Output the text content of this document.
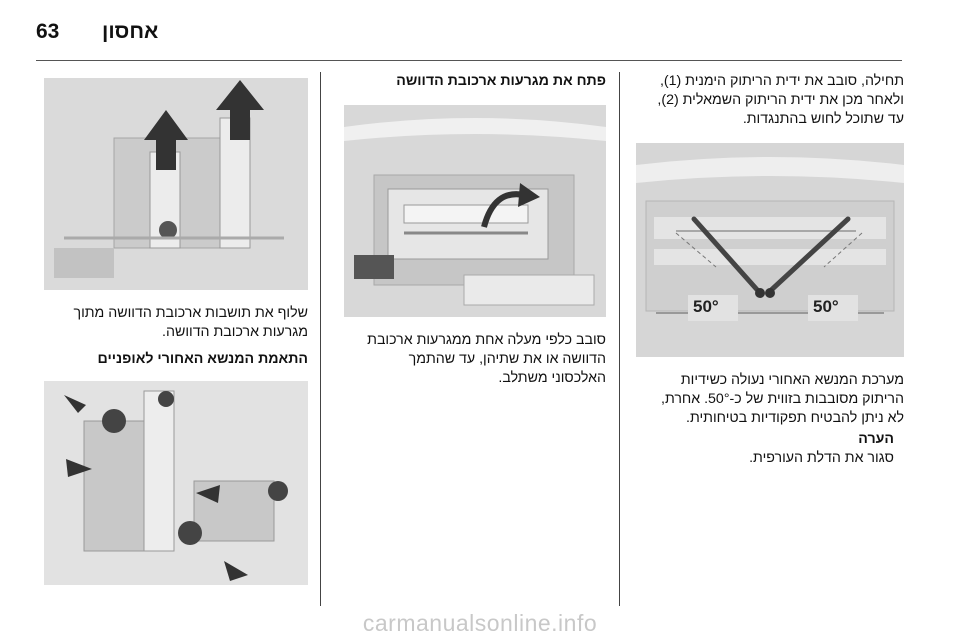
63 אחסון

תחילה, סובב את ידית הריתוק הימנית (1),

ולאחר מכן את ידית הריתוק השמאלית (2),

עד שתוכל לחוש בהתנגדות.

50°	50°

מערכת המנשא האחורי נעולה כשידיות

הריתוק מסובבות בזווית של כ-50°. אחרת,

לא ניתן להבטיח תפקודיות בטיחותית.

הערה

סגור את הדלת העורפית.

פתח את מגרעות ארכובת הדוושה

סובב כלפי מעלה אחת ממגרעות ארכובת

הדוושה או את שתיהן, עד שהתמך

האלכסוני משתלב.

שלוף את תושבות ארכובת הדוושה מתוך

מגרעות ארכובת הדוושה.

התאמת המנשא האחורי לאופניים

carmanualsonline.info
